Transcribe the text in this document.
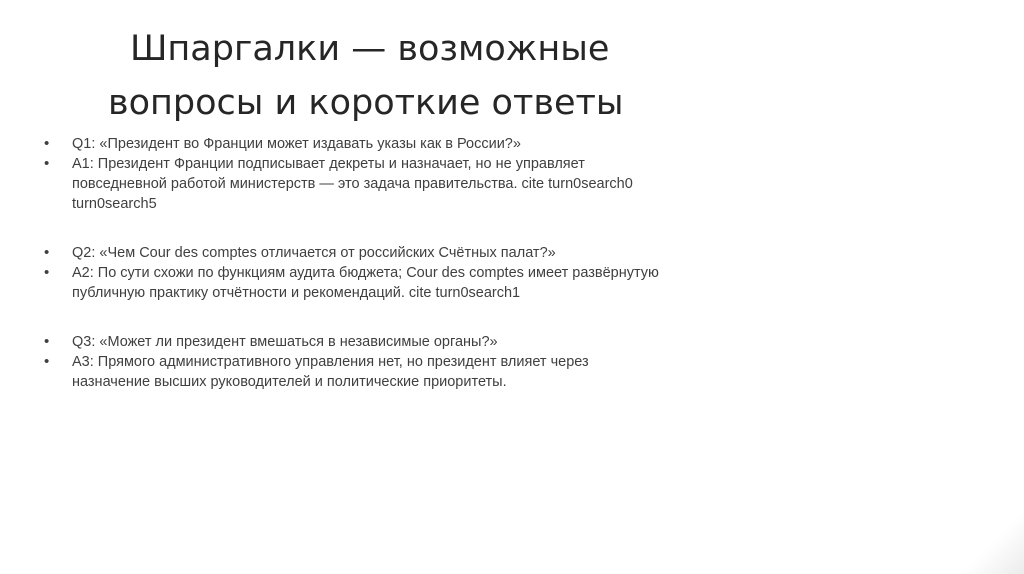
Шпаргалки — возможные
вопросы и короткие ответы
•	Q1: «Президент во Франции может издавать указы как в России?»
•	A1: Президент Франции подписывает декреты и назначает, но не управляет
повседневной работой министерств — это задача правительства. cite turn0search0
turn0search5
•	Q2: «Чем Cour des comptes отличается от российских Счётных палат?»
•	A2: По сути схожи по функциям аудита бюджета; Cour des comptes имеет развёрнутую
публичную практику отчётности и рекомендаций. cite turn0search1
•	Q3: «Может ли президент вмешаться в независимые органы?»
•	A3: Прямого административного управления нет, но президент влияет через
назначение высших руководителей и политические приоритеты.
